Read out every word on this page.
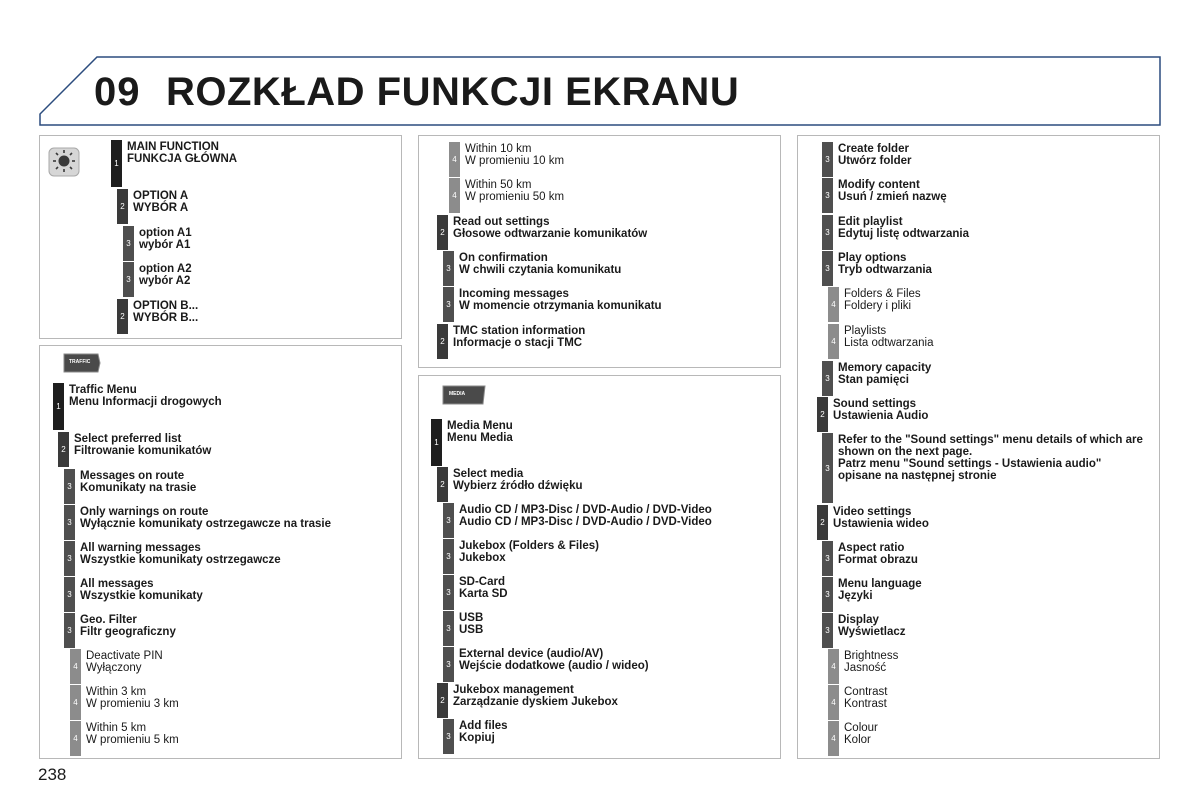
09 ROZKŁAD FUNKCJI EKRANU
1
MAIN FUNCTION
FUNKCJA GŁÓWNA
2
OPTION A
WYBÓR A
3
option A1
wybór A1
3
option A2
wybór A2
2
OPTION B...
WYBÓR B...
TRAFFIC
1
Traffic Menu
Menu Informacji drogowych
2
Select preferred list
Filtrowanie komunikatów
3
Messages on route
Komunikaty na trasie
3
Only warnings on route
Wyłącznie komunikaty ostrzegawcze na trasie
3
All warning messages
Wszystkie komunikaty ostrzegawcze
3
All messages
Wszystkie komunikaty
3
Geo. Filter
Filtr geograficzny
4
Deactivate PIN
Wyłączony
4
Within 3 km
W promieniu 3 km
4
Within 5 km
W promieniu 5 km
4
Within 10 km
W promieniu 10 km
4
Within 50 km
W promieniu 50 km
2
Read out settings
Głosowe odtwarzanie komunikatów
3
On confirmation
W chwili czytania komunikatu
3
Incoming messages
W momencie otrzymania komunikatu
2
TMC station information
Informacje o stacji TMC
MEDIA
1
Media Menu
Menu Media
2
Select media
Wybierz źródło dźwięku
3
Audio CD / MP3-Disc / DVD-Audio / DVD-Video
Audio CD / MP3-Disc / DVD-Audio / DVD-Video
3
Jukebox (Folders & Files)
Jukebox
3
SD-Card
Karta SD
3
USB
USB
3
External device (audio/AV)
Wejście dodatkowe (audio / wideo)
2
Jukebox management
Zarządzanie dyskiem Jukebox
3
Add files
Kopiuj
3
Create folder
Utwórz folder
3
Modify content
Usuń / zmień nazwę
3
Edit playlist
Edytuj listę odtwarzania
3
Play options
Tryb odtwarzania
4
Folders & Files
Foldery i pliki
4
Playlists
Lista odtwarzania
3
Memory capacity
Stan pamięci
2
Sound settings
Ustawienia Audio
3
Refer to the "Sound settings" menu details of which are
shown on the next page.
Patrz menu "Sound settings - Ustawienia audio"
opisane na następnej stronie
2
Video settings
Ustawienia wideo
3
Aspect ratio
Format obrazu
3
Menu language
Języki
3
Display
Wyświetlacz
4
Brightness
Jasność
4
Contrast
Kontrast
4
Colour
Kolor
238
